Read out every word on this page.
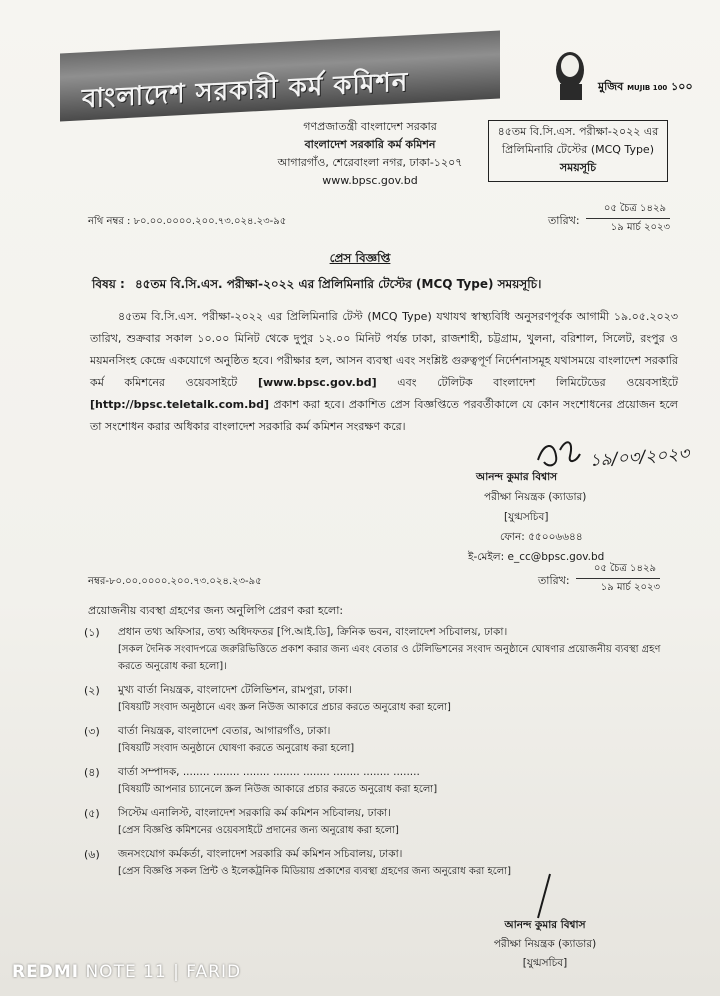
বাংলাদেশ সরকারী কর্ম কমিশন	মুজিব MUJIB 100 ১০০
গণপ্রজাতন্ত্রী বাংলাদেশ সরকার
বাংলাদেশ সরকারি কর্ম কমিশন
আগারগাঁও, শেরেবাংলা নগর, ঢাকা-১২০৭
www.bpsc.gov.bd
৪৫তম বি.সি.এস. পরীক্ষা-২০২২ এর
প্রিলিমিনারি টেস্টের (MCQ Type)
সময়সূচি
নথি নম্বর : ৮০.০০.০০০০.২০০.৭৩.০২৪.২৩-৯৫	তারিখ:
০৫ চৈত্র ১৪২৯
১৯ মার্চ ২০২৩
প্রেস বিজ্ঞপ্তি
বিষয় : ৪৫তম বি.সি.এস. পরীক্ষা-২০২২ এর প্রিলিমিনারি টেস্টের (MCQ Type) সময়সূচি।
৪৫তম বি.সি.এস. পরীক্ষা-২০২২ এর প্রিলিমিনারি টেস্ট (MCQ Type) যথাযথ স্বাস্থ্যবিধি অনুসরণপূর্বক আগামী ১৯.০৫.২০২৩ তারিখ, শুক্রবার সকাল ১০.০০ মিনিট থেকে দুপুর ১২.০০ মিনিট পর্যন্ত ঢাকা, রাজশাহী, চট্টগ্রাম, খুলনা, বরিশাল, সিলেট, রংপুর ও ময়মনসিংহ কেন্দ্রে একযোগে অনুষ্ঠিত হবে। পরীক্ষার হল, আসন ব্যবস্থা এবং সংশ্লিষ্ট গুরুত্বপূর্ণ নির্দেশনাসমূহ যথাসময়ে বাংলাদেশ সরকারি কর্ম কমিশনের ওয়েবসাইটে [www.bpsc.gov.bd] এবং টেলিটক বাংলাদেশ লিমিটেডের ওয়েবসাইটে [http://bpsc.teletalk.com.bd] প্রকাশ করা হবে। প্রকাশিত প্রেস বিজ্ঞপ্তিতে পরবর্তীকালে যে কোন সংশোধনের প্রয়োজন হলে তা সংশোধন করার অধিকার বাংলাদেশ সরকারি কর্ম কমিশন সংরক্ষণ করে।
১৯/০৩/২০২৩
আনন্দ কুমার বিশ্বাস
পরীক্ষা নিয়ন্ত্রক (ক্যাডার)
[যুগ্মসচিব]
ফোন: ৫৫০০৬৬৪৪
ই-মেইল: e_cc@bpsc.gov.bd
নম্বর-৮০.০০.০০০০.২০০.৭৩.০২৪.২৩-৯৫	তারিখ:
০৫ চৈত্র ১৪২৯
১৯ মার্চ ২০২৩
প্রয়োজনীয় ব্যবস্থা গ্রহণের জন্য অনুলিপি প্রেরণ করা হলো:
(১) প্রধান তথ্য অফিসার, তথ্য অধিদফতর [পি.আই.ডি], ক্রিনিক ভবন, বাংলাদেশ সচিবালয়, ঢাকা।
[সকল দৈনিক সংবাদপত্রে জরুরিভিত্তিতে প্রকাশ করার জন্য এবং বেতার ও টেলিভিশনের সংবাদ অনুষ্ঠানে ঘোষণার প্রয়োজনীয় ব্যবস্থা গ্রহণ করতে অনুরোধ করা হলো]।
(২) মুখ্য বার্তা নিয়ন্ত্রক, বাংলাদেশ টেলিভিশন, রামপুরা, ঢাকা।
[বিষয়টি সংবাদ অনুষ্ঠানে এবং স্ক্রল নিউজ আকারে প্রচার করতে অনুরোধ করা হলো]
(৩) বার্তা নিয়ন্ত্রক, বাংলাদেশ বেতার, আগারগাঁও, ঢাকা।
[বিষয়টি সংবাদ অনুষ্ঠানে ঘোষণা করতে অনুরোধ করা হলো]
(৪) বার্তা সম্পাদক, ........ ........ ........ ........ ........ ........ ........ ........
[বিষয়টি আপনার চ্যানেলে স্ক্রল নিউজ আকারে প্রচার করতে অনুরোধ করা হলো]
(৫) সিস্টেম এনালিস্ট, বাংলাদেশ সরকারি কর্ম কমিশন সচিবালয়, ঢাকা।
[প্রেস বিজ্ঞপ্তি কমিশনের ওয়েবসাইটে প্রদানের জন্য অনুরোধ করা হলো]
(৬) জনসংযোগ কর্মকর্তা, বাংলাদেশ সরকারি কর্ম কমিশন সচিবালয়, ঢাকা।
[প্রেস বিজ্ঞপ্তি সকল প্রিন্ট ও ইলেকট্রনিক মিডিয়ায় প্রকাশের ব্যবস্থা গ্রহণের জন্য অনুরোধ করা হলো]
আনন্দ কুমার বিশ্বাস
পরীক্ষা নিয়ন্ত্রক (ক্যাডার)
[যুগ্মসচিব]
REDMI NOTE 11 | FARID
